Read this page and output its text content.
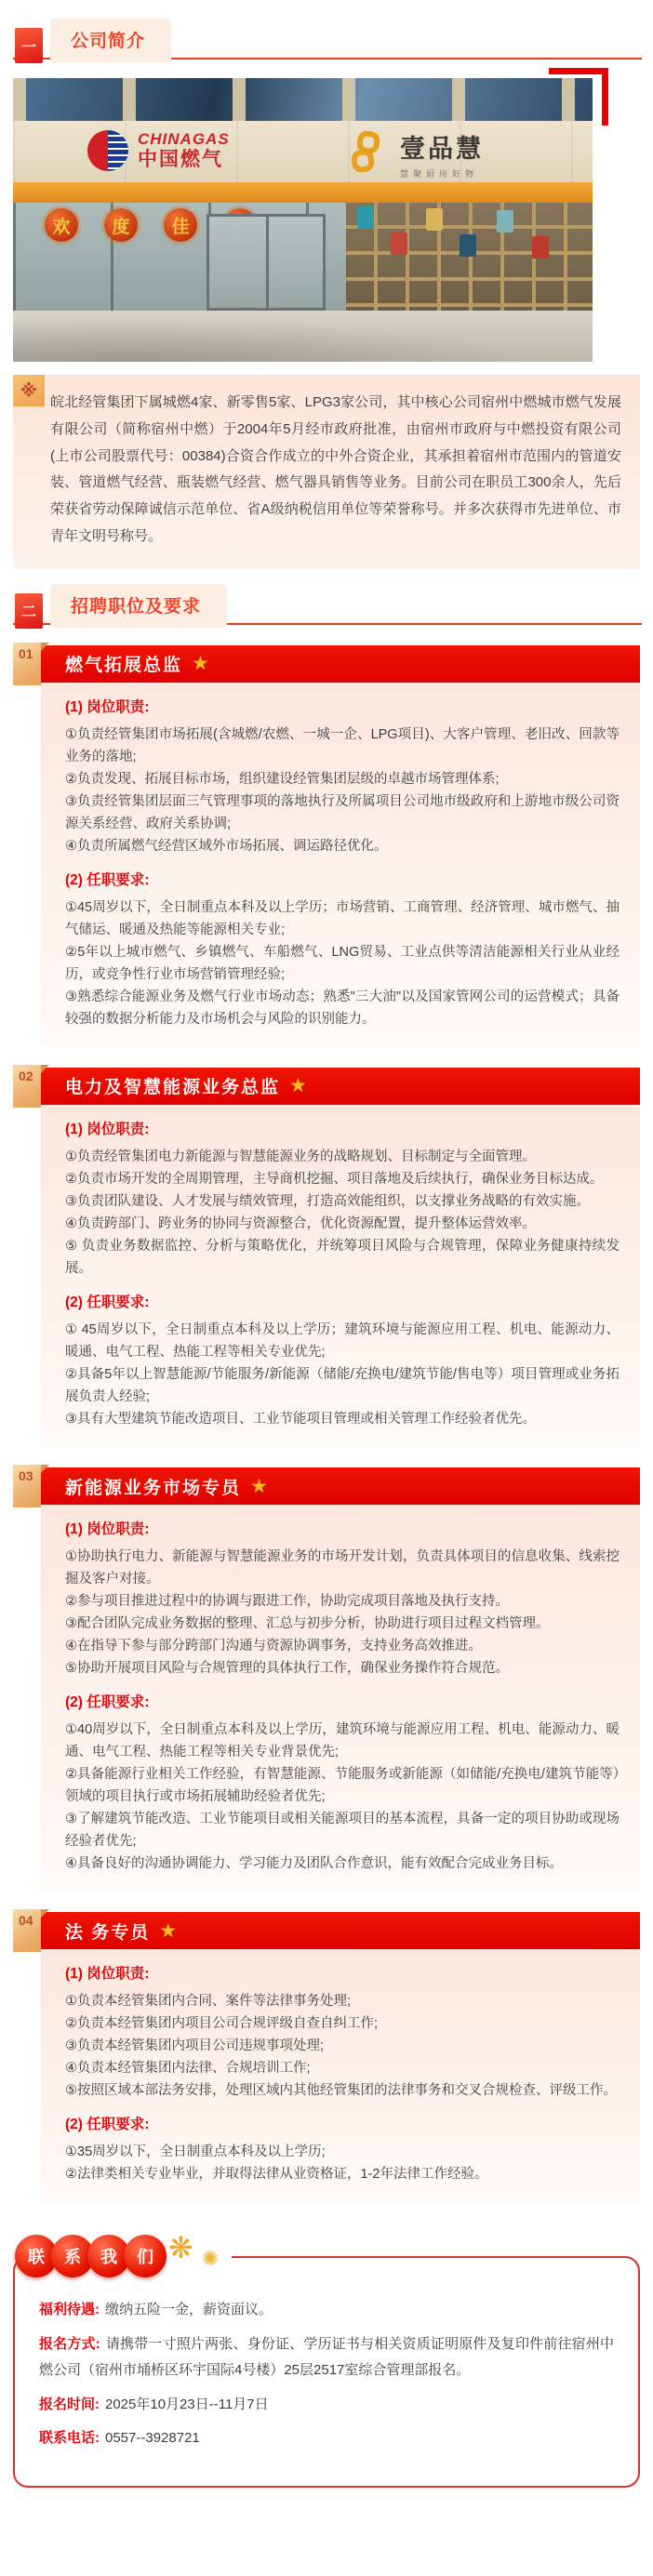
一	公司简介
CHINAGAS
中国燃气	壹品慧
慧聚厨房好物
欢	度	佳
※

皖北经管集团下属城燃4家、新零售5家、LPG3家公司，其中核心公司宿州中燃城市燃气发展有限公司（简称宿州中燃）于2004年5月经市政府批准，由宿州市政府与中燃投资有限公司(上市公司股票代号：00384)合资合作成立的中外合资企业，其承担着宿州市范围内的管道安装、管道燃气经营、瓶装燃气经营、燃气器具销售等业务。目前公司在职员工300余人，先后荣获省劳动保障诚信示范单位、省A级纳税信用单位等荣誉称号。并多次获得市先进单位、市青年文明号称号。

二	招聘职位及要求
01
燃气拓展总监 ★

(1) 岗位职责:

①负责经管集团市场拓展(含城燃/农燃、一城一企、LPG项目)、大客户管理、老旧改、回款等业务的落地;

②负责发现、拓展目标市场，组织建设经管集团层级的卓越市场管理体系;

③负责经管集团层面三气管理事项的落地执行及所属项目公司地市级政府和上游地市级公司资源关系经营、政府关系协调;

④负责所属燃气经营区域外市场拓展、调运路径优化。

(2) 任职要求:

①45周岁以下，全日制重点本科及以上学历；市场营销、工商管理、经济管理、城市燃气、抽气储运、暖通及热能等能源相关专业;

②5年以上城市燃气、乡镇燃气、车船燃气、LNG贸易、工业点供等清洁能源相关行业从业经历，或竞争性行业市场营销管理经验;

③熟悉综合能源业务及燃气行业市场动态；熟悉"三大油"以及国家管网公司的运营模式；具备较强的数据分析能力及市场机会与风险的识别能力。

02
电力及智慧能源业务总监 ★

(1) 岗位职责:

①负责经管集团电力新能源与智慧能源业务的战略规划、目标制定与全面管理。

②负责市场开发的全周期管理，主导商机挖掘、项目落地及后续执行，确保业务目标达成。

③负责团队建设、人才发展与绩效管理，打造高效能组织，以支撑业务战略的有效实施。

④负责跨部门、跨业务的协同与资源整合，优化资源配置，提升整体运营效率。

⑤ 负责业务数据监控、分析与策略优化，并统筹项目风险与合规管理，保障业务健康持续发展。

(2) 任职要求:

① 45周岁以下，全日制重点本科及以上学历；建筑环境与能源应用工程、机电、能源动力、暖通、电气工程、热能工程等相关专业优先;

②具备5年以上智慧能源/节能服务/新能源（储能/充换电/建筑节能/售电等）项目管理或业务拓展负责人经验;

③具有大型建筑节能改造项目、工业节能项目管理或相关管理工作经验者优先。

03
新能源业务市场专员 ★

(1) 岗位职责:

①协助执行电力、新能源与智慧能源业务的市场开发计划，负责具体项目的信息收集、线索挖掘及客户对接。

②参与项目推进过程中的协调与跟进工作，协助完成项目落地及执行支持。

③配合团队完成业务数据的整理、汇总与初步分析，协助进行项目过程文档管理。

④在指导下参与部分跨部门沟通与资源协调事务，支持业务高效推进。

⑤协助开展项目风险与合规管理的具体执行工作，确保业务操作符合规范。

(2) 任职要求:

①40周岁以下，全日制重点本科及以上学历，建筑环境与能源应用工程、机电、能源动力、暖通、电气工程、热能工程等相关专业背景优先;

②具备能源行业相关工作经验，有智慧能源、节能服务或新能源（如储能/充换电/建筑节能等）领域的项目执行或市场拓展辅助经验者优先;

③了解建筑节能改造、工业节能项目或相关能源项目的基本流程，具备一定的项目协助或现场经验者优先;

④具备良好的沟通协调能力、学习能力及团队合作意识，能有效配合完成业务目标。

04
法 务专员 ★

(1) 岗位职责:

①负责本经管集团内合同、案件等法律事务处理;

②负责本经管集团内项目公司合规评级自查自纠工作;

③负责本经管集团内项目公司违规事项处理;

④负责本经管集团内法律、合规培训工作;

⑤按照区域本部法务安排，处理区域内其他经管集团的法律事务和交叉合规检查、评级工作。

(2) 任职要求:

①35周岁以下，全日制重点本科及以上学历;

②法律类相关专业毕业，并取得法律从业资格证，1-2年法律工作经验。

联	系	我	们 ❋ ✺

福利待遇: 缴纳五险一金，薪资面议。

报名方式: 请携带一寸照片两张、身份证、学历证书与相关资质证明原件及复印件前往宿州中燃公司（宿州市埇桥区环宇国际4号楼）25层2517室综合管理部报名。

报名时间: 2025年10月23日--11月7日

联系电话: 0557--3928721
